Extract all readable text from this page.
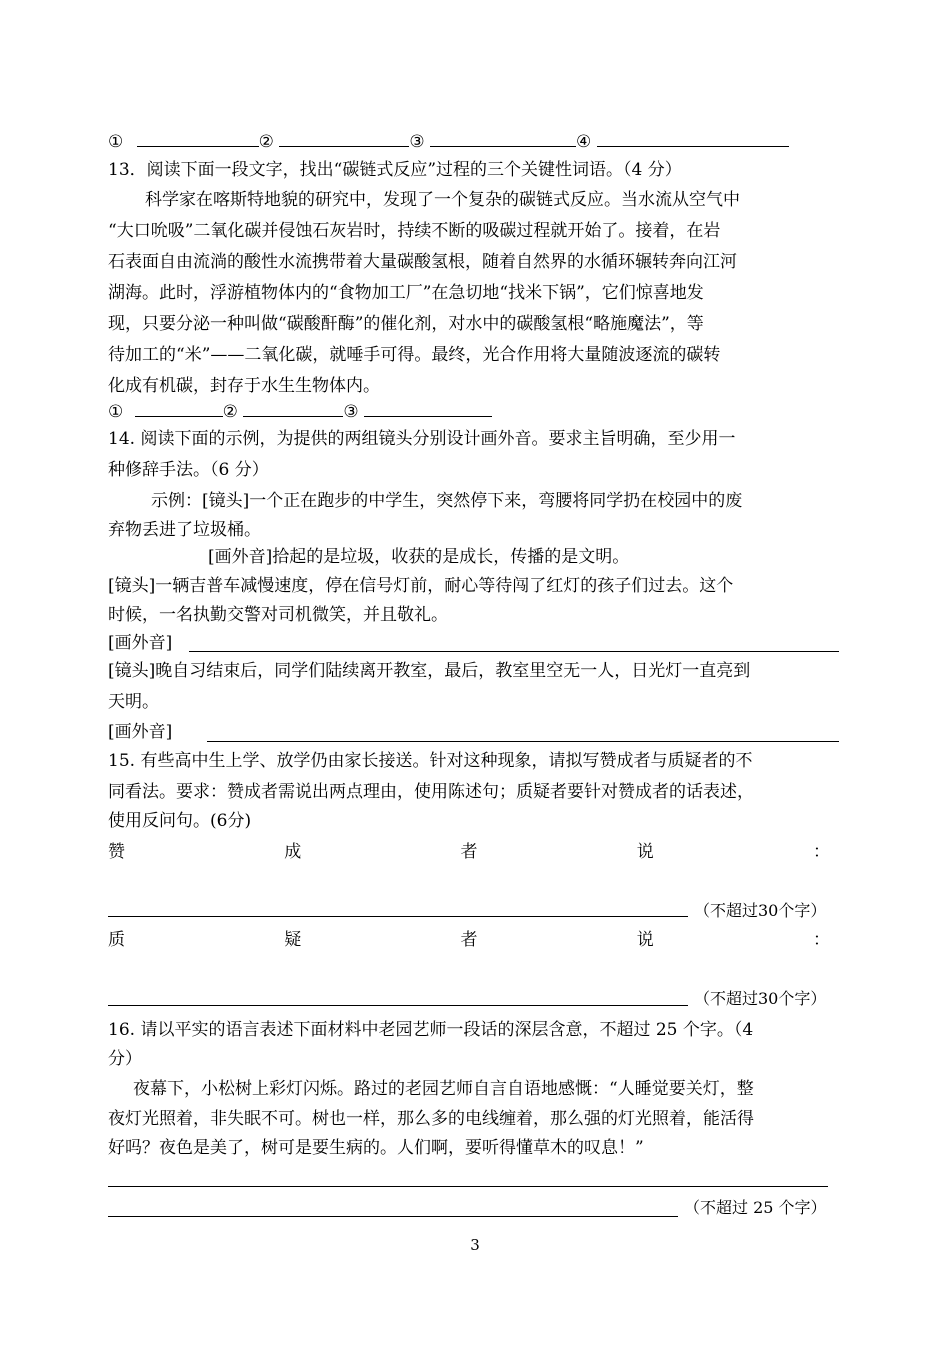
①	②	③	④
13．阅读下面一段文字，找出“碳链式反应”过程的三个关键性词语。（4 分）
科学家在喀斯特地貌的研究中，发现了一个复杂的碳链式反应。当水流从空气中
“大口吮吸”二氧化碳并侵蚀石灰岩时，持续不断的吸碳过程就开始了。接着，在岩
石表面自由流淌的酸性水流携带着大量碳酸氢根，随着自然界的水循环辗转奔向江河
湖海。此时，浮游植物体内的“食物加工厂”在急切地“找米下锅”，它们惊喜地发
现，只要分泌一种叫做“碳酸酐酶”的催化剂，对水中的碳酸氢根“略施魔法”，等
待加工的“米”——二氧化碳，就唾手可得。最终，光合作用将大量随波逐流的碳转
化成有机碳，封存于水生生物体内。
①	②	③
14. 阅读下面的示例，为提供的两组镜头分别设计画外音。要求主旨明确，至少用一
种修辞手法。（6 分）
示例：[镜头]一个正在跑步的中学生，突然停下来，弯腰将同学扔在校园中的废
弃物丢进了垃圾桶。
[画外音]拾起的是垃圾，收获的是成长，传播的是文明。
[镜头]一辆吉普车减慢速度，停在信号灯前，耐心等待闯了红灯的孩子们过去。这个
时候，一名执勤交警对司机微笑，并且敬礼。
[画外音]
[镜头]晚自习结束后，同学们陆续离开教室，最后，教室里空无一人，日光灯一直亮到
天明。
[画外音]
15. 有些高中生上学、放学仍由家长接送。针对这种现象，请拟写赞成者与质疑者的不
同看法。要求：赞成者需说出两点理由，使用陈述句；质疑者要针对赞成者的话表述，
使用反问句。(6分)
赞	成	者	说	：
（不超过30个字）
质	疑	者	说	：
（不超过30个字）
16. 请以平实的语言表述下面材料中老园艺师一段话的深层含意，不超过 25 个字。（4
分）
夜幕下，小松树上彩灯闪烁。路过的老园艺师自言自语地感慨：“人睡觉要关灯，整
夜灯光照着，非失眠不可。树也一样，那么多的电线缠着，那么强的灯光照着，能活得
好吗？夜色是美了，树可是要生病的。人们啊，要听得懂草木的叹息！”
（不超过 25 个字）
3
